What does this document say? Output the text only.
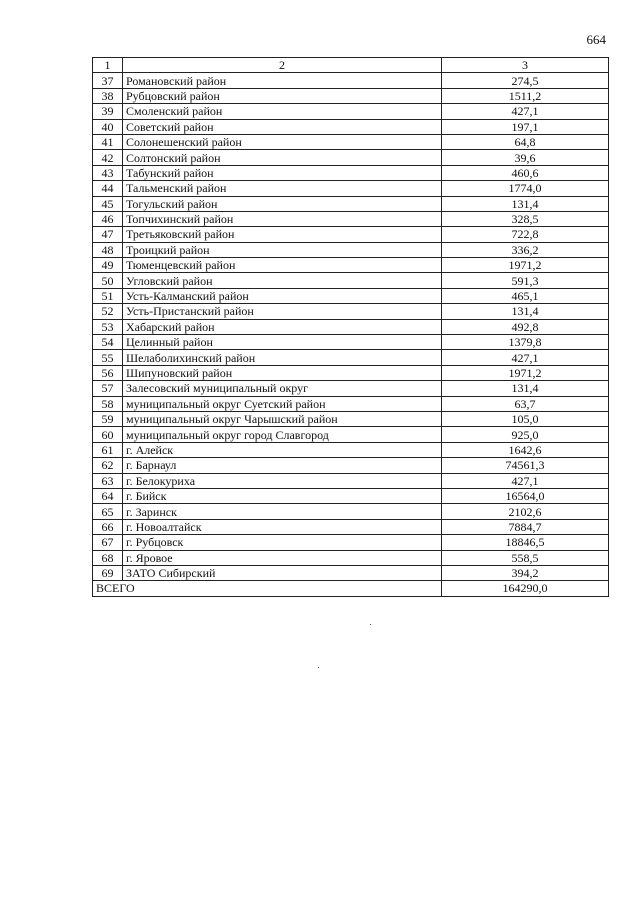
664
1	2	3
37	Романовский район	274,5
38	Рубцовский район	1511,2
39	Смоленский район	427,1
40	Советский район	197,1
41	Солонешенский район	64,8
42	Солтонский район	39,6
43	Табунский район	460,6
44	Тальменский район	1774,0
45	Тогульский район	131,4
46	Топчихинский район	328,5
47	Третьяковский район	722,8
48	Троицкий район	336,2
49	Тюменцевский район	1971,2
50	Угловский район	591,3
51	Усть-Калманский район	465,1
52	Усть-Пристанский район	131,4
53	Хабарский район	492,8
54	Целинный район	1379,8
55	Шелаболихинский район	427,1
56	Шипуновский район	1971,2
57	Залесовский муниципальный округ	131,4
58	муниципальный округ Суетский район	63,7
59	муниципальный округ Чарышский район	105,0
60	муниципальный округ город Славгород	925,0
61	г. Алейск	1642,6
62	г. Барнаул	74561,3
63	г. Белокуриха	427,1
64	г. Бийск	16564,0
65	г. Заринск	2102,6
66	г. Новоалтайск	7884,7
67	г. Рубцовск	18846,5
68	г. Яровое	558,5
69	ЗАТО Сибирский	394,2
ВСЕГО		164290,0
